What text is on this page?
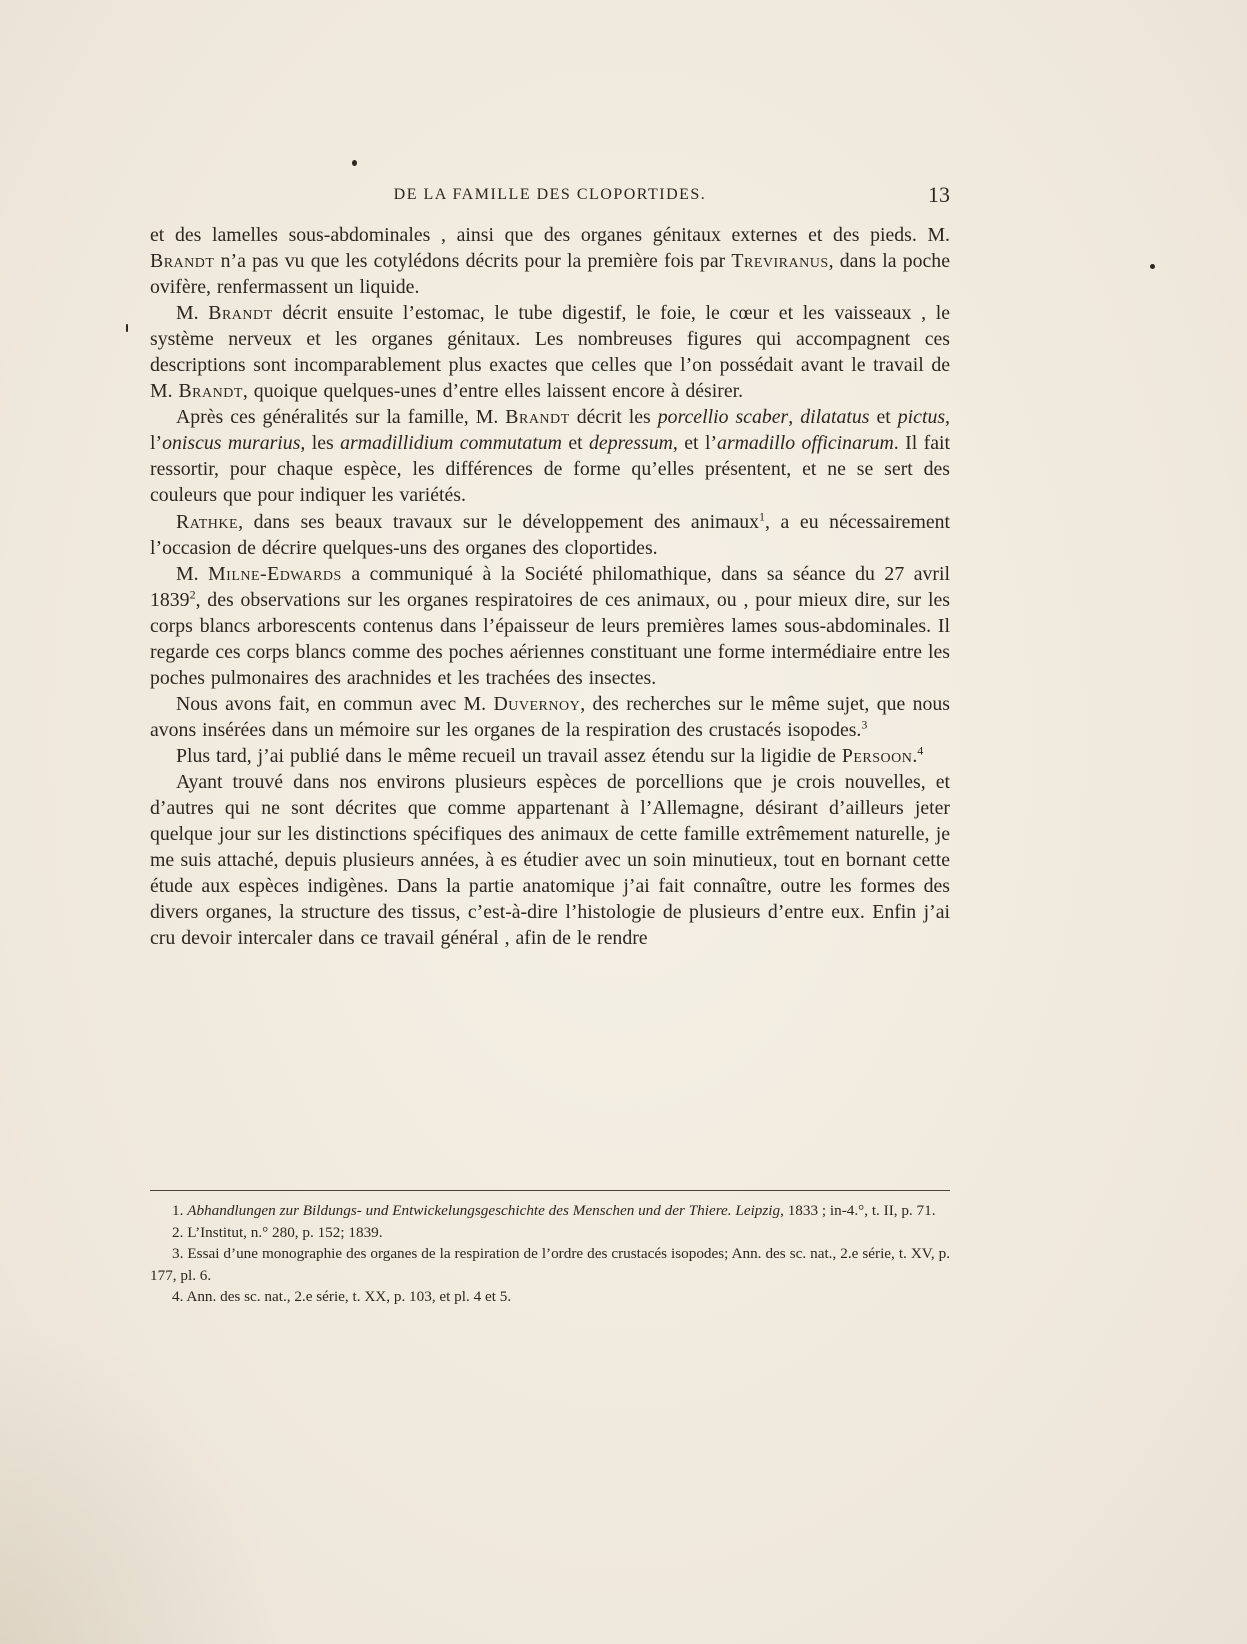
DE LA FAMILLE DES CLOPORTIDES.	13

et des lamelles sous-abdominales , ainsi que des organes génitaux externes et des pieds. M. Brandt n’a pas vu que les cotylédons décrits pour la première fois par Treviranus, dans la poche ovifère, renfermassent un liquide.

M. Brandt décrit ensuite l’estomac, le tube digestif, le foie, le cœur et les vaisseaux , le système nerveux et les organes génitaux. Les nombreuses figures qui accompagnent ces descriptions sont incomparablement plus exactes que celles que l’on possédait avant le travail de M. Brandt, quoique quelques-unes d’entre elles laissent encore à désirer.

Après ces généralités sur la famille, M. Brandt décrit les porcellio scaber, dilatatus et pictus, l’oniscus murarius, les armadillidium commutatum et depressum, et l’armadillo officinarum. Il fait ressortir, pour chaque espèce, les différences de forme qu’elles présentent, et ne se sert des couleurs que pour indiquer les variétés.

Rathke, dans ses beaux travaux sur le développement des animaux$^1$, a eu nécessairement l’occasion de décrire quelques-uns des organes des cloportides.

M. Milne-Edwards a communiqué à la Société philomathique, dans sa séance du 27 avril 1839$^2$, des observations sur les organes respiratoires de ces animaux, ou , pour mieux dire, sur les corps blancs arborescents contenus dans l’épaisseur de leurs premières lames sous-abdominales. Il regarde ces corps blancs comme des poches aériennes constituant une forme intermédiaire entre les poches pulmonaires des arachnides et les trachées des insectes.

Nous avons fait, en commun avec M. Duvernoy, des recherches sur le même sujet, que nous avons insérées dans un mémoire sur les organes de la respiration des crustacés isopodes.$^3$

Plus tard, j’ai publié dans le même recueil un travail assez étendu sur la ligidie de Persoon.$^4$

Ayant trouvé dans nos environs plusieurs espèces de porcellions que je crois nouvelles, et d’autres qui ne sont décrites que comme appartenant à l’Allemagne, désirant d’ailleurs jeter quelque jour sur les distinctions spécifiques des animaux de cette famille extrêmement naturelle, je me suis attaché, depuis plusieurs années, à es étudier avec un soin minutieux, tout en bornant cette étude aux espèces indigènes. Dans la partie anatomique j’ai fait connaître, outre les formes des divers organes, la structure des tissus, c’est-à-dire l’histologie de plusieurs d’entre eux. Enfin j’ai cru devoir intercaler dans ce travail général , afin de le rendre

1. Abhandlungen zur Bildungs- und Entwickelungsgeschichte des Menschen und der Thiere. Leipzig, 1833 ; in-4.°, t. II, p. 71.

2. L’Institut, n.° 280, p. 152; 1839.

3. Essai d’une monographie des organes de la respiration de l’ordre des crustacés isopodes; Ann. des sc. nat., 2.e série, t. XV, p. 177, pl. 6.

4. Ann. des sc. nat., 2.e série, t. XX, p. 103, et pl. 4 et 5.
